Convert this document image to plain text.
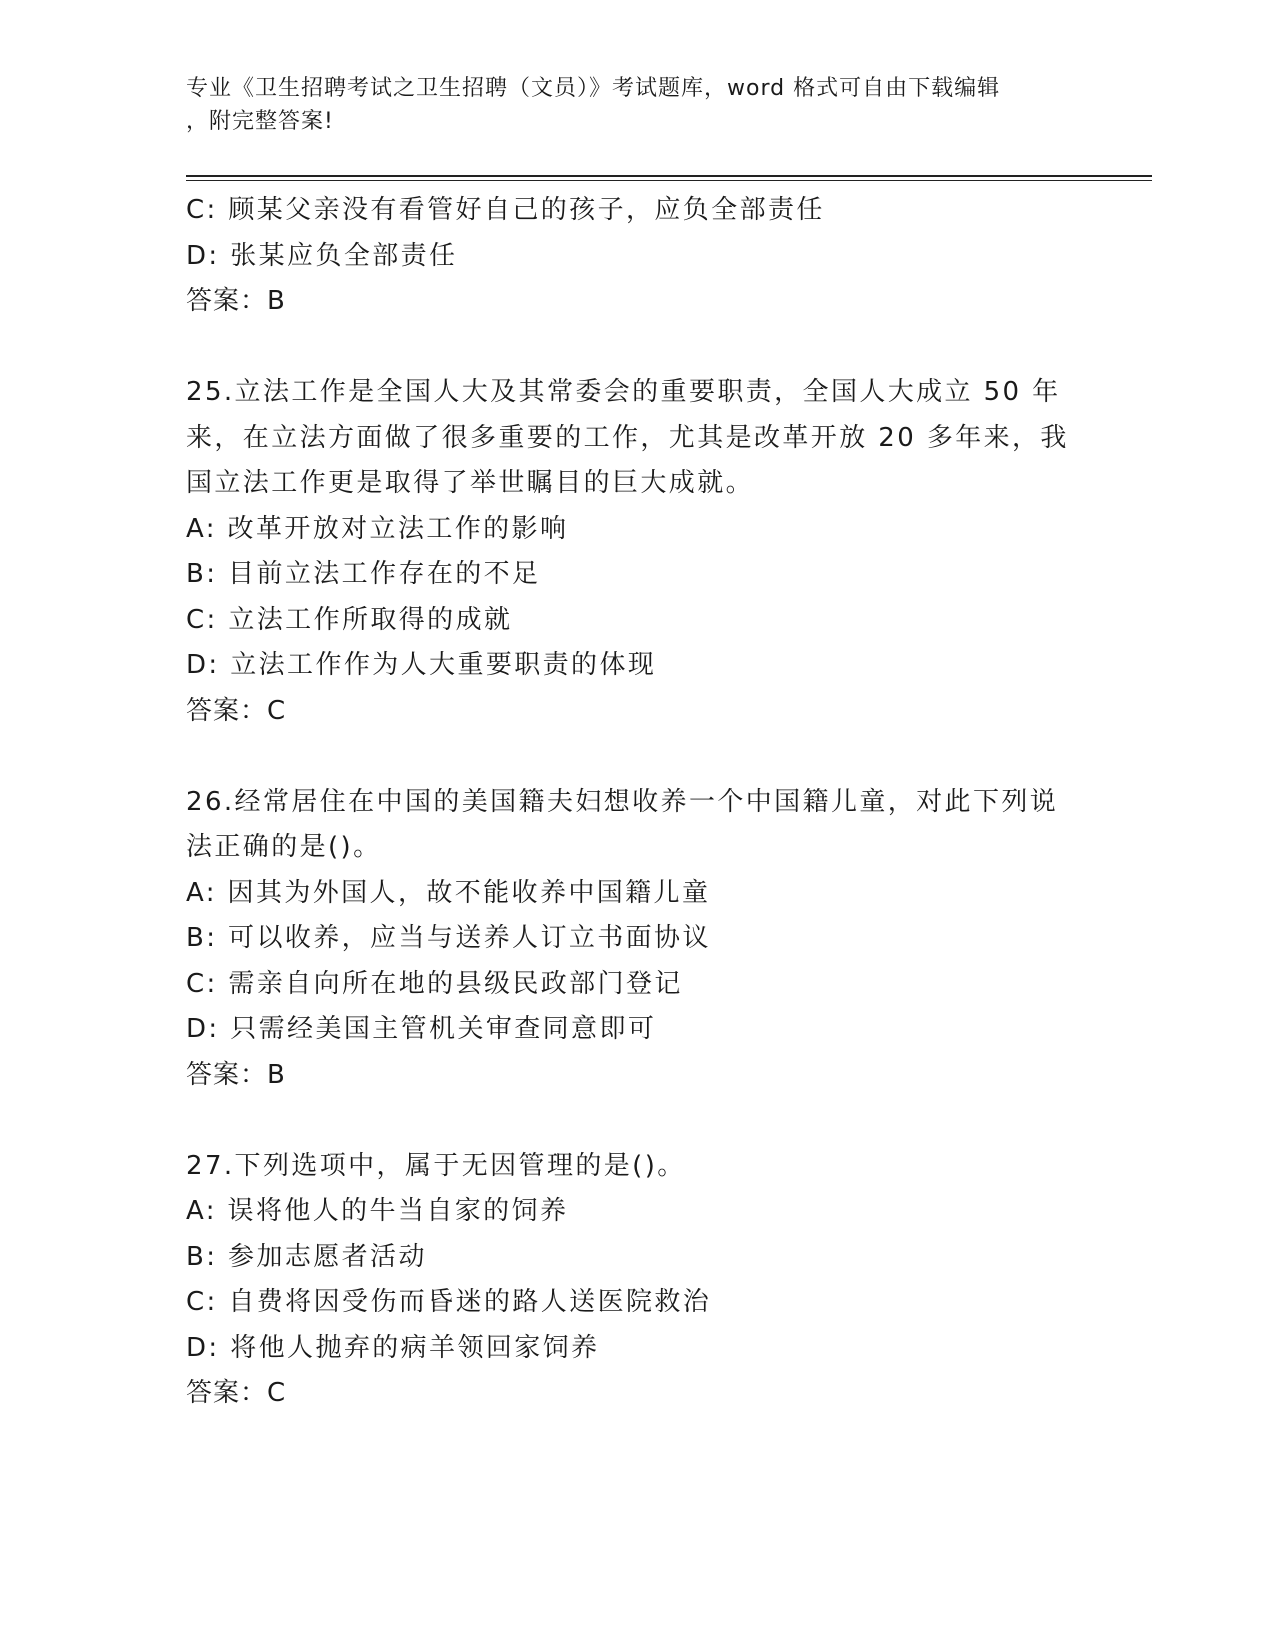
专业《卫生招聘考试之卫生招聘（文员）》考试题库，word 格式可自由下载编辑
，附完整答案!
C: 顾某父亲没有看管好自己的孩子，应负全部责任
D: 张某应负全部责任
答案：B
25.立法工作是全国人大及其常委会的重要职责，全国人大成立 50 年
来，在立法方面做了很多重要的工作，尤其是改革开放 20 多年来，我
国立法工作更是取得了举世瞩目的巨大成就。
A: 改革开放对立法工作的影响
B: 目前立法工作存在的不足
C: 立法工作所取得的成就
D: 立法工作作为人大重要职责的体现
答案：C
26.经常居住在中国的美国籍夫妇想收养一个中国籍儿童，对此下列说
法正确的是()。
A: 因其为外国人，故不能收养中国籍儿童
B: 可以收养，应当与送养人订立书面协议
C: 需亲自向所在地的县级民政部门登记
D: 只需经美国主管机关审查同意即可
答案：B
27.下列选项中，属于无因管理的是()。
A: 误将他人的牛当自家的饲养
B: 参加志愿者活动
C: 自费将因受伤而昏迷的路人送医院救治
D: 将他人抛弃的病羊领回家饲养
答案：C
